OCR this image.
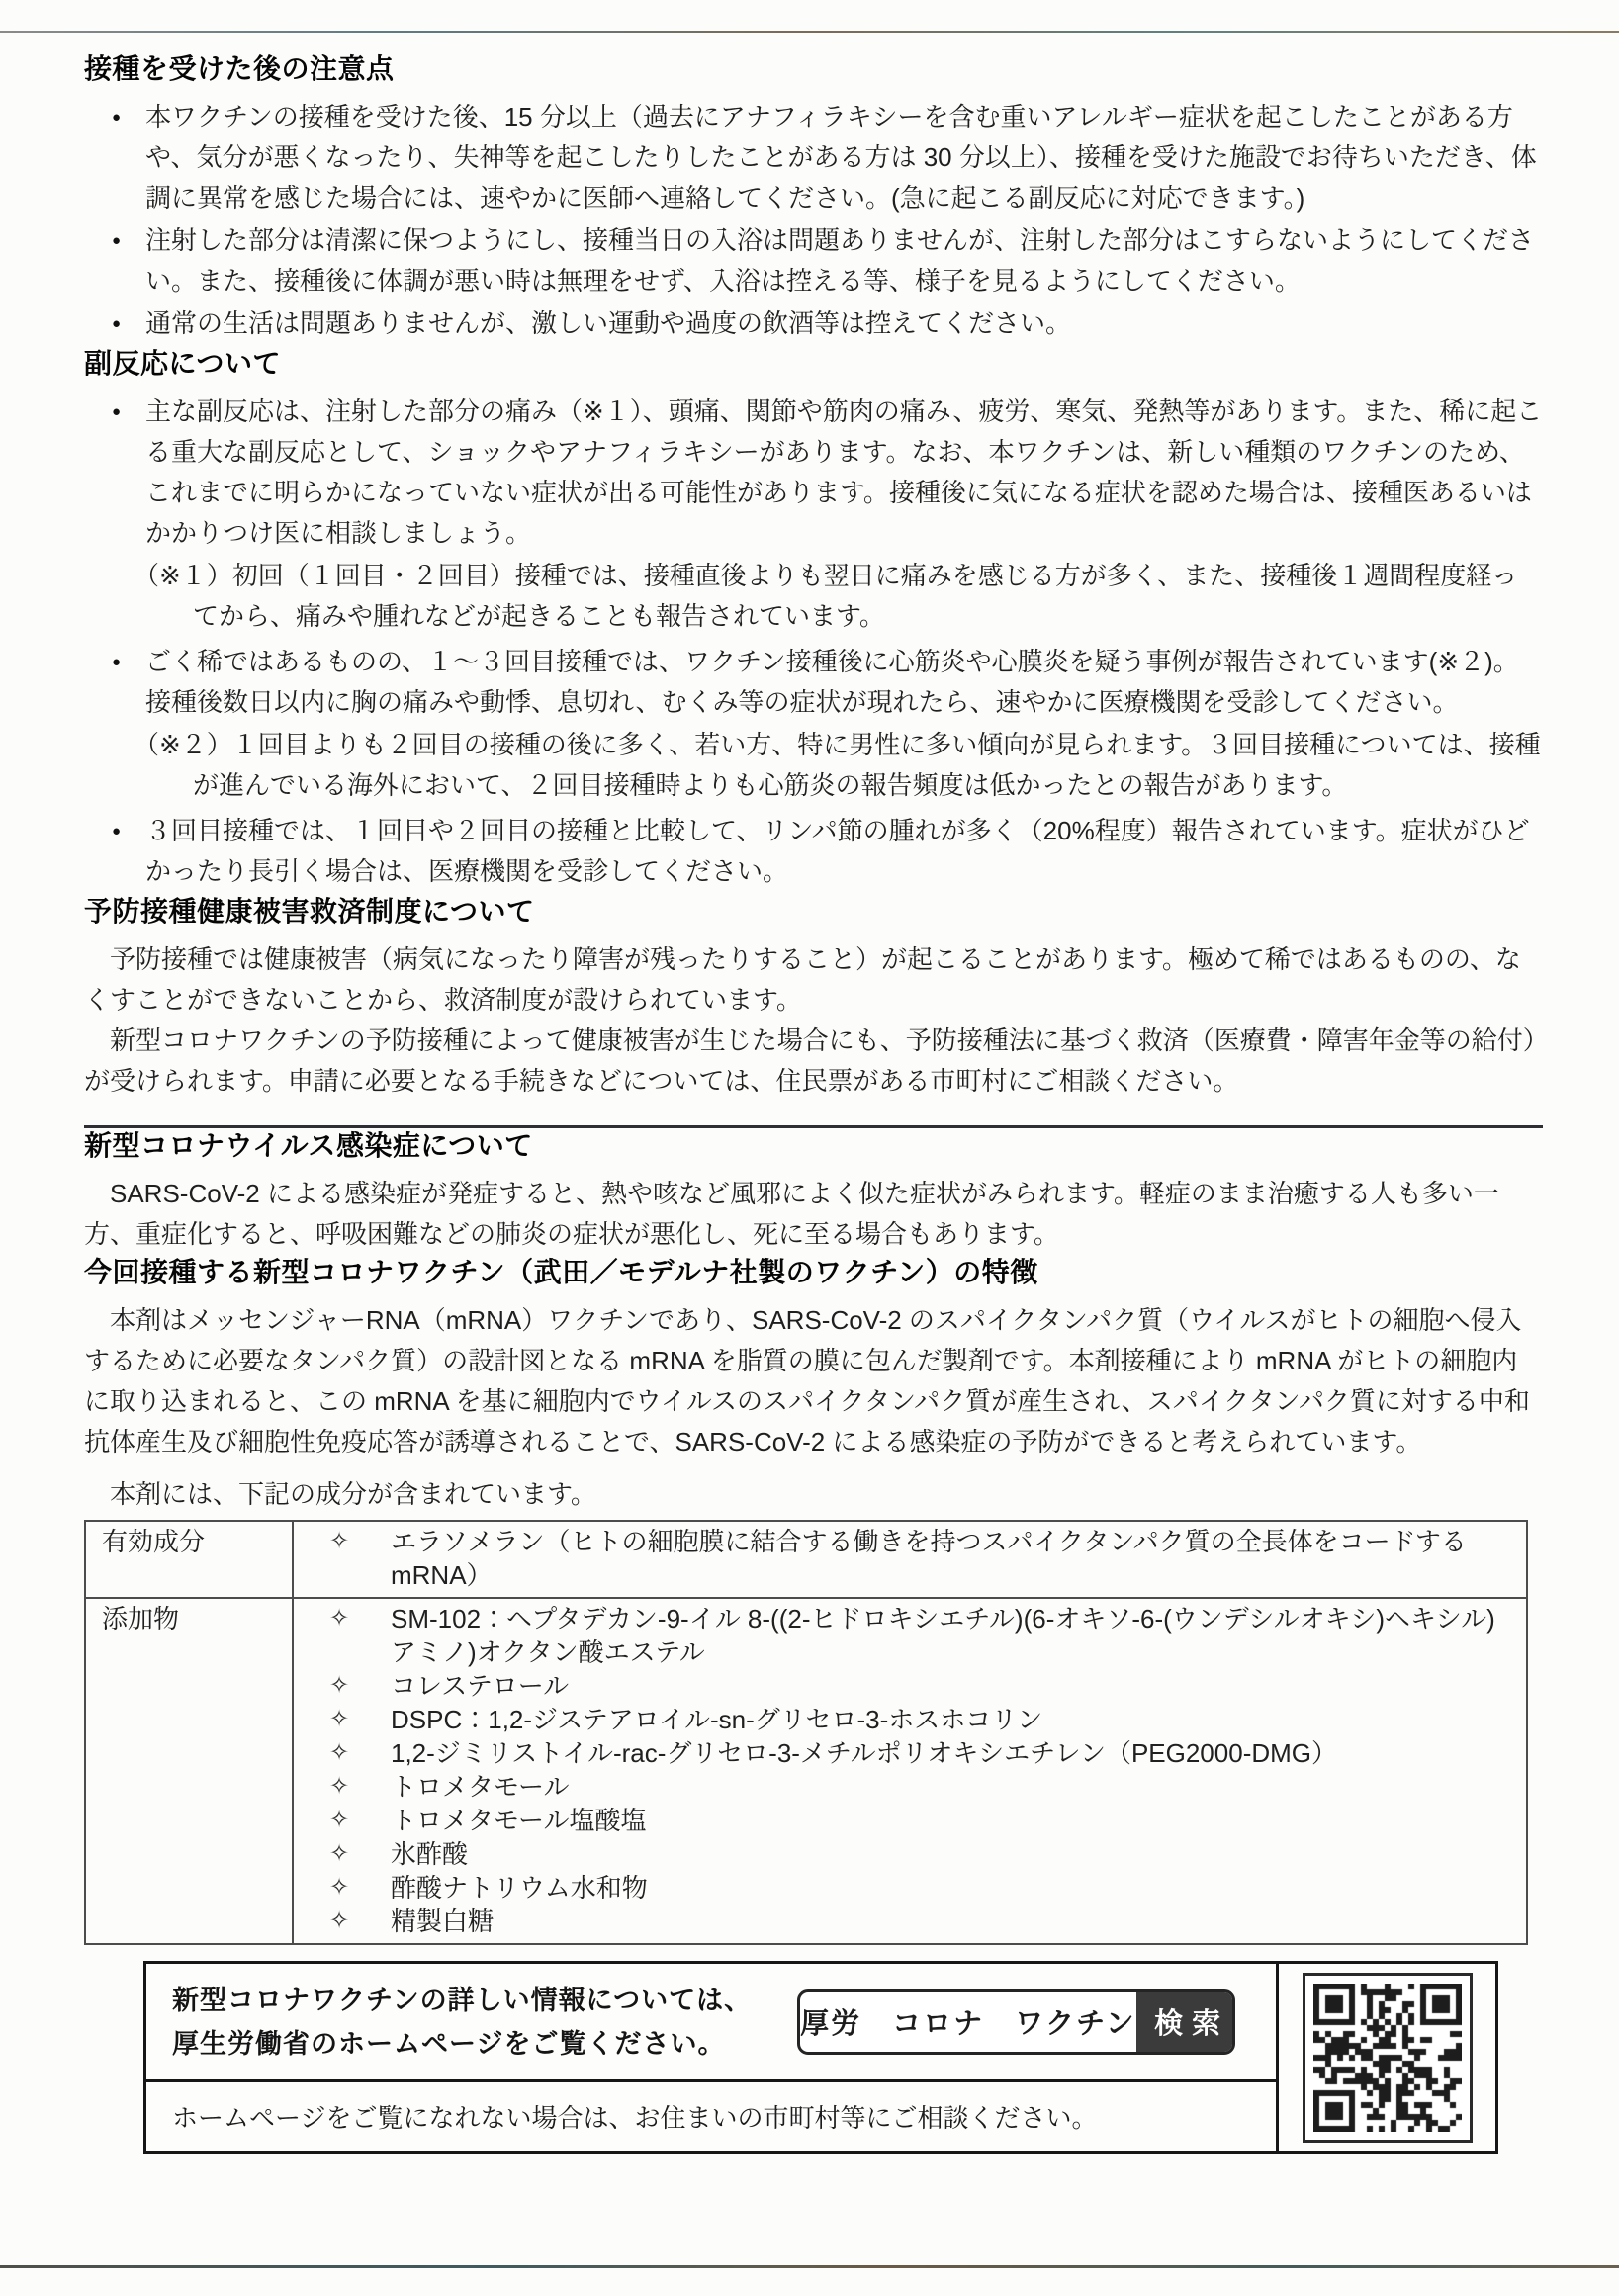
接種を受けた後の注意点
● 本ワクチンの接種を受けた後、15 分以上（過去にアナフィラキシーを含む重いアレルギー症状を起こしたことがある方や、気分が悪くなったり、失神等を起こしたりしたことがある方は 30 分以上）、接種を受けた施設でお待ちいただき、体調に異常を感じた場合には、速やかに医師へ連絡してください。(急に起こる副反応に対応できます。)
● 注射した部分は清潔に保つようにし、接種当日の入浴は問題ありませんが、注射した部分はこすらないようにしてください。また、接種後に体調が悪い時は無理をせず、入浴は控える等、様子を見るようにしてください。
● 通常の生活は問題ありませんが、激しい運動や過度の飲酒等は控えてください。
副反応について
● 主な副反応は、注射した部分の痛み（※１）、頭痛、関節や筋肉の痛み、疲労、寒気、発熱等があります。また、稀に起こる重大な副反応として、ショックやアナフィラキシーがあります。なお、本ワクチンは、新しい種類のワクチンのため、これまでに明らかになっていない症状が出る可能性があります。接種後に気になる症状を認めた場合は、接種医あるいはかかりつけ医に相談しましょう。
（※１）初回（１回目・２回目）接種では、接種直後よりも翌日に痛みを感じる方が多く、また、接種後１週間程度経ってから、痛みや腫れなどが起きることも報告されています。
● ごく稀ではあるものの、１～３回目接種では、ワクチン接種後に心筋炎や心膜炎を疑う事例が報告されています(※２)。接種後数日以内に胸の痛みや動悸、息切れ、むくみ等の症状が現れたら、速やかに医療機関を受診してください。
（※２）１回目よりも２回目の接種の後に多く、若い方、特に男性に多い傾向が見られます。３回目接種については、接種が進んでいる海外において、２回目接種時よりも心筋炎の報告頻度は低かったとの報告があります。
● ３回目接種では、１回目や２回目の接種と比較して、リンパ節の腫れが多く（20%程度）報告されています。症状がひどかったり長引く場合は、医療機関を受診してください。
予防接種健康被害救済制度について

予防接種では健康被害（病気になったり障害が残ったりすること）が起こることがあります。極めて稀ではあるものの、なくすことができないことから、救済制度が設けられています。

新型コロナワクチンの予防接種によって健康被害が生じた場合にも、予防接種法に基づく救済（医療費・障害年金等の給付）が受けられます。申請に必要となる手続きなどについては、住民票がある市町村にご相談ください。

新型コロナウイルス感染症について

SARS-CoV-2 による感染症が発症すると、熱や咳など風邪によく似た症状がみられます。軽症のまま治癒する人も多い一方、重症化すると、呼吸困難などの肺炎の症状が悪化し、死に至る場合もあります。

今回接種する新型コロナワクチン（武田／モデルナ社製のワクチン）の特徴

本剤はメッセンジャーRNA（mRNA）ワクチンであり、SARS-CoV-2 のスパイクタンパク質（ウイルスがヒトの細胞へ侵入するために必要なタンパク質）の設計図となる mRNA を脂質の膜に包んだ製剤です。本剤接種により mRNA がヒトの細胞内に取り込まれると、この mRNA を基に細胞内でウイルスのスパイクタンパク質が産生され、スパイクタンパク質に対する中和抗体産生及び細胞性免疫応答が誘導されることで、SARS-CoV-2 による感染症の予防ができると考えられています。

本剤には、下記の成分が含まれています。
有効成分	✧ エラソメラン（ヒトの細胞膜に結合する働きを持つスパイクタンパク質の全長体をコードする mRNA）

添加物	✧	SM-102：ヘプタデカン-9-イル 8-((2-ヒドロキシエチル)(6-オキソ-6-(ウンデシルオキシ)ヘキシル)アミノ)オクタン酸エステル
✧	コレステロール
✧	DSPC：1,2-ジステアロイル-sn-グリセロ-3-ホスホコリン
✧	1,2-ジミリストイル-rac-グリセロ-3-メチルポリオキシエチレン（PEG2000-DMG）
✧	トロメタモール
✧	トロメタモール塩酸塩
✧	氷酢酸
✧	酢酸ナトリウム水和物
✧	精製白糖
新型コロナワクチンの詳しい情報については、
厚生労働省のホームページをご覧ください。
厚労　コロナ　ワクチン 検索
ホームページをご覧になれない場合は、お住まいの市町村等にご相談ください。
